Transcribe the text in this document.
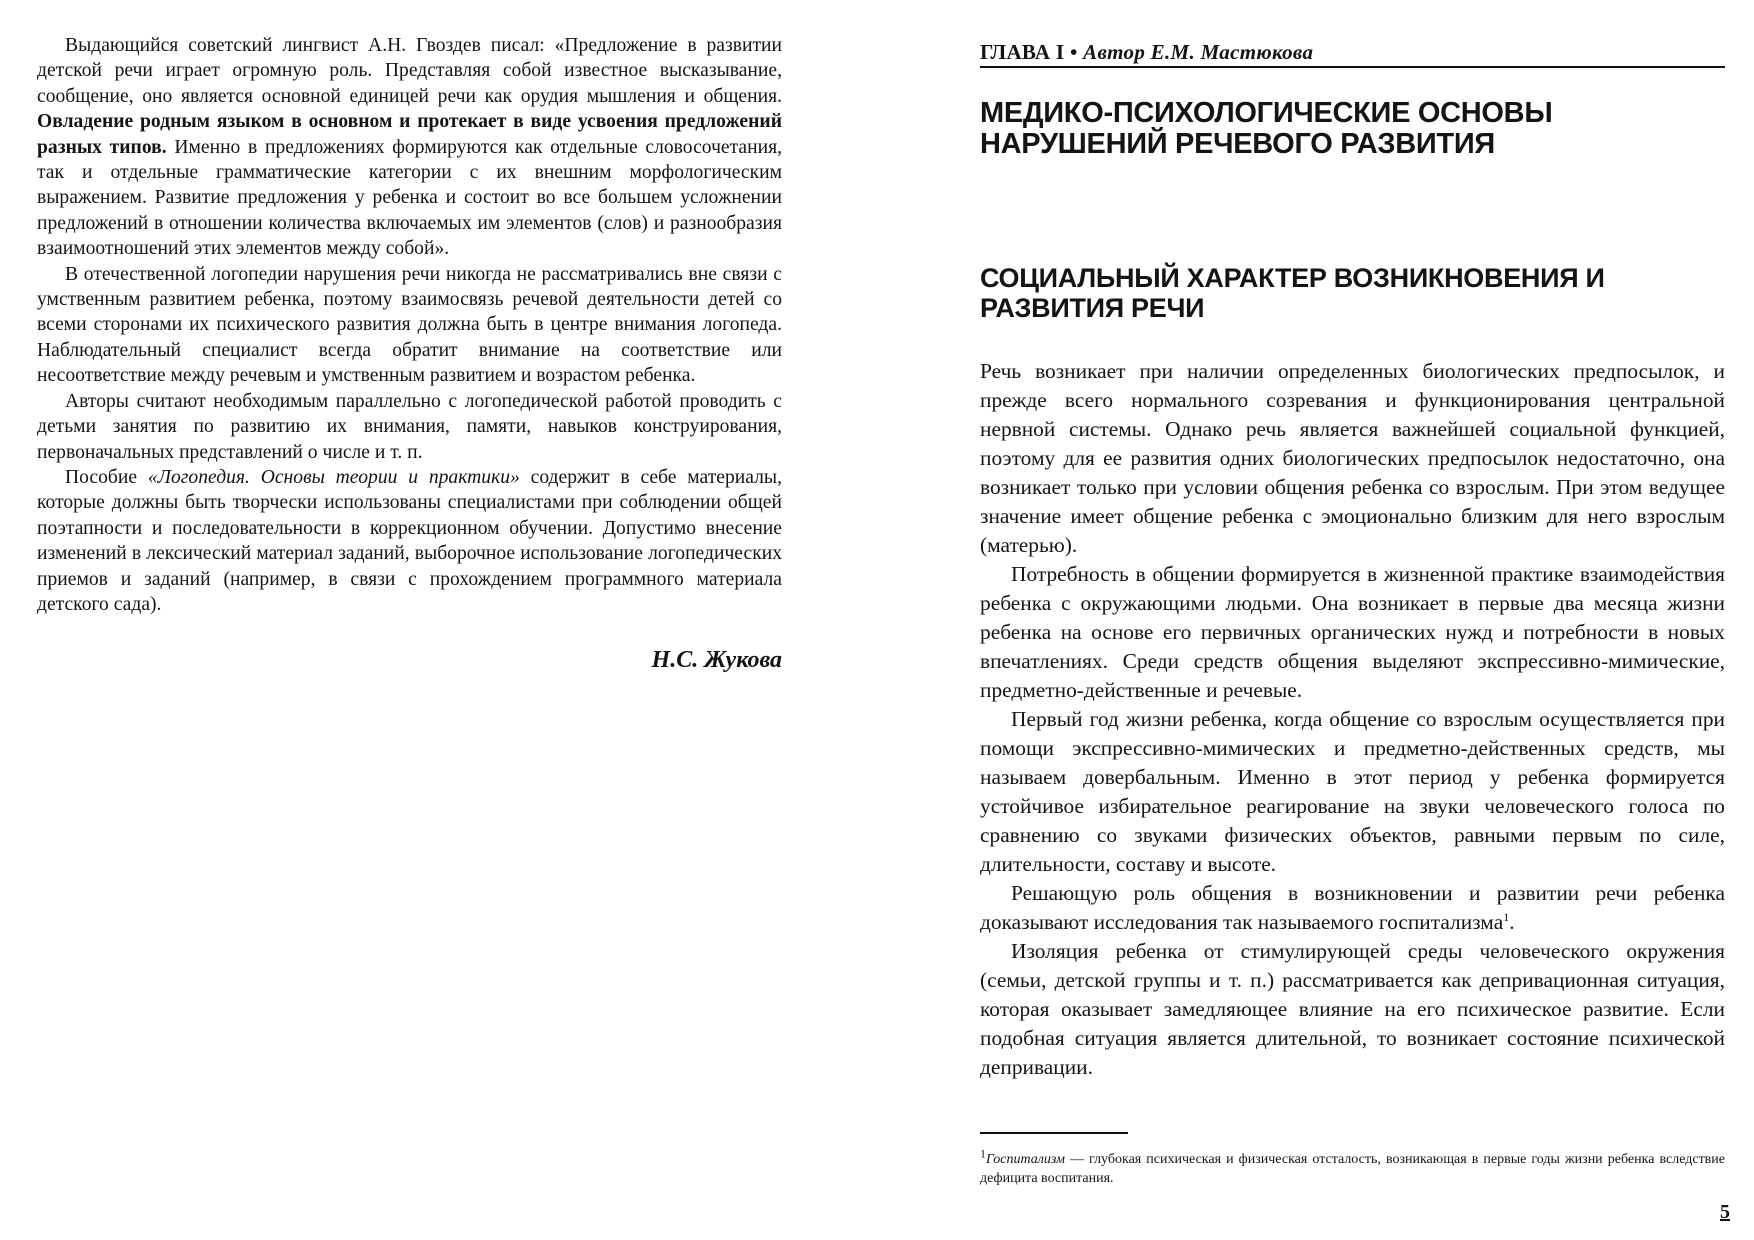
Выдающийся советский лингвист А.Н. Гвоздев писал: «Предложение в развитии детской речи играет огромную роль. Представляя собой известное высказывание, сообщение, оно является основной единицей речи как орудия мышления и общения. Овладение родным языком в основном и протекает в виде усвоения предложений разных типов. Именно в предложениях формируются как отдельные словосочетания, так и отдельные грамматические категории с их внешним морфологическим выражением. Развитие предложения у ребенка и состоит во все большем усложнении предложений в отношении количества включаемых им элементов (слов) и разнообразия взаимоотношений этих элементов между собой».

В отечественной логопедии нарушения речи никогда не рассматривались вне связи с умственным развитием ребенка, поэтому взаимосвязь речевой деятельности детей со всеми сторонами их психического развития должна быть в центре внимания логопеда. Наблюдательный специалист всегда обратит внимание на соответствие или несоответствие между речевым и умственным развитием и возрастом ребенка.

Авторы считают необходимым параллельно с логопедической работой проводить с детьми занятия по развитию их внимания, памяти, навыков конструирования, первоначальных представлений о числе и т. п.

Пособие «Логопедия. Основы теории и практики» содержит в себе материалы, которые должны быть творчески использованы специалистами при соблюдении общей поэтапности и последовательности в коррекционном обучении. Допустимо внесение изменений в лексический материал заданий, выборочное использование логопедических приемов и заданий (например, в связи с прохождением программного материала детского сада).

Н.С. Жукова
ГЛАВА I • Автор Е.М. Мастюкова
МЕДИКО-ПСИХОЛОГИЧЕСКИЕ ОСНОВЫ НАРУШЕНИЙ РЕЧЕВОГО РАЗВИТИЯ
СОЦИАЛЬНЫЙ ХАРАКТЕР ВОЗНИКНОВЕНИЯ И РАЗВИТИЯ РЕЧИ

Речь возникает при наличии определенных биологических предпосылок, и прежде всего нормального созревания и функционирования центральной нервной системы. Однако речь является важнейшей социальной функцией, поэтому для ее развития одних биологических предпосылок недостаточно, она возникает только при условии общения ребенка со взрослым. При этом ведущее значение имеет общение ребенка с эмоционально близким для него взрослым (матерью).

Потребность в общении формируется в жизненной практике взаимодействия ребенка с окружающими людьми. Она возникает в первые два месяца жизни ребенка на основе его первичных органических нужд и потребности в новых впечатлениях. Среди средств общения выделяют экспрессивно-мимические, предметно-действенные и речевые.

Первый год жизни ребенка, когда общение со взрослым осуществляется при помощи экспрессивно-мимических и предметно-действенных средств, мы называем довербальным. Именно в этот период у ребенка формируется устойчивое избирательное реагирование на звуки человеческого голоса по сравнению со звуками физических объектов, равными первым по силе, длительности, составу и высоте.

Решающую роль общения в возникновении и развитии речи ребенка доказывают исследования так называемого госпитализма$^1$.

Изоляция ребенка от стимулирующей среды человеческого окружения (семьи, детской группы и т. п.) рассматривается как депривационная ситуация, которая оказывает замедляющее влияние на его психическое развитие. Если подобная ситуация является длительной, то возникает состояние психической депривации.

$^1$Госпитализм — глубокая психическая и физическая отсталость, возникающая в первые годы жизни ребенка вследствие дефицита воспитания.
5
